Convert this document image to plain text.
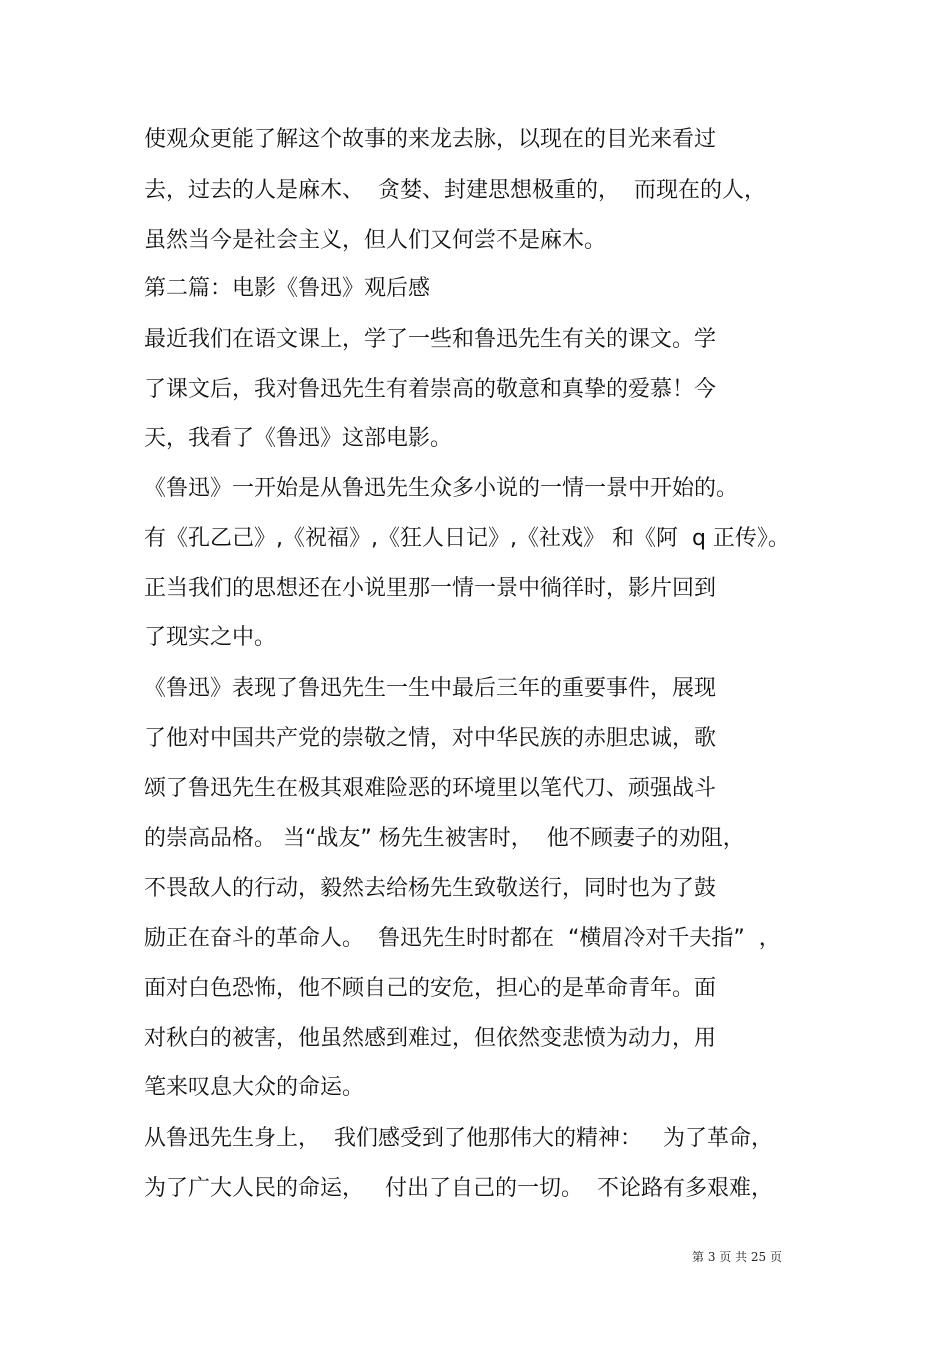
使观众更能了解这个故事的来龙去脉，以现在的目光来看过
去，过去的人是麻木、  贪婪、封建思想极重的，  而现在的人，
虽然当今是社会主义，但人们又何尝不是麻木。
第二篇：电影《鲁迅》观后感
最近我们在语文课上，学了一些和鲁迅先生有关的课文。学
了课文后，我对鲁迅先生有着崇高的敬意和真挚的爱慕！今
天，我看了《鲁迅》这部电影。
《鲁迅》一开始是从鲁迅先生众多小说的一情一景中开始的。
有《孔乙己》,《祝福》,《狂人日记》,《社戏》 和《阿  q 正传》。
正当我们的思想还在小说里那一情一景中徜徉时，影片回到
了现实之中。
《鲁迅》表现了鲁迅先生一生中最后三年的重要事件，展现
了他对中国共产党的崇敬之情，对中华民族的赤胆忠诚，歌
颂了鲁迅先生在极其艰难险恶的环境里以笔代刀、顽强战斗
的崇高品格。 当“战友” 杨先生被害时，  他不顾妻子的劝阻，
不畏敌人的行动，毅然去给杨先生致敬送行，同时也为了鼓
励正在奋斗的革命人。  鲁迅先生时时都在  “横眉冷对千夫指”  ，
面对白色恐怖，他不顾自己的安危，担心的是革命青年。面
对秋白的被害，他虽然感到难过，但依然变悲愤为动力，用
笔来叹息大众的命运。
从鲁迅先生身上，  我们感受到了他那伟大的精神：   为了革命，
为了广大人民的命运，   付出了自己的一切。  不论路有多艰难，
第 3 页 共 25 页
